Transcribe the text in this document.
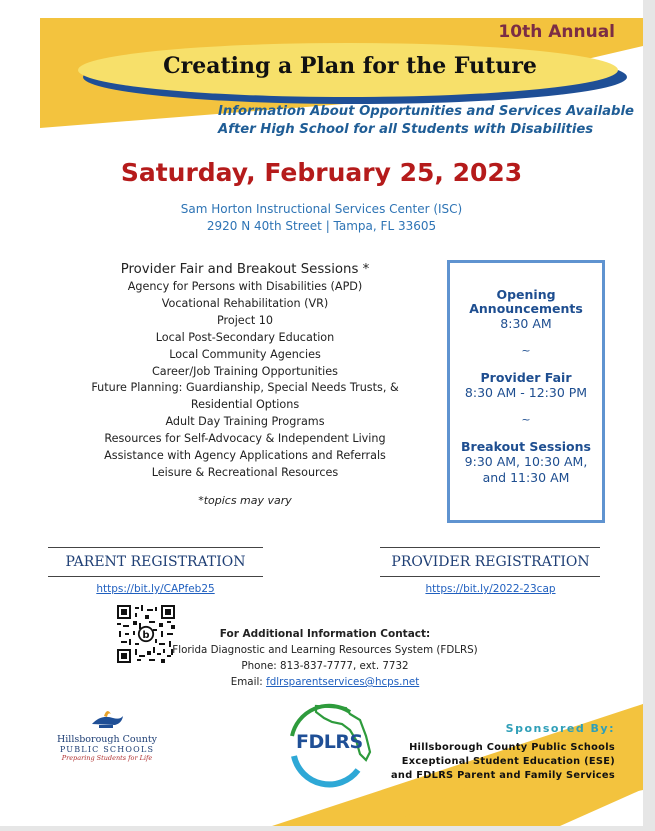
10th Annual
Creating a Plan for the Future
Information About Opportunities and Services Available
After High School for all Students with Disabilities
Saturday, February 25, 2023
Sam Horton Instructional Services Center (ISC)
2920 N 40th Street | Tampa, FL 33605
Provider Fair and Breakout Sessions *
Agency for Persons with Disabilities (APD)
Vocational Rehabilitation (VR)
Project 10
Local Post-Secondary Education
Local Community Agencies
Career/Job Training Opportunities
Future Planning: Guardianship, Special Needs Trusts, &
Residential Options
Adult Day Training Programs
Resources for Self-Advocacy & Independent Living
Assistance with Agency Applications and Referrals
Leisure & Recreational Resources
*topics may vary
Opening
Announcements
8:30 AM
~
Provider Fair
8:30 AM - 12:30 PM
~
Breakout Sessions
9:30 AM, 10:30 AM,
and 11:30 AM
PARENT REGISTRATION
https://bit.ly/CAPfeb25
PROVIDER REGISTRATION
https://bit.ly/2022-23cap
b	For Additional Information Contact:
Florida Diagnostic and Learning Resources System (FDLRS)
Phone: 813-837-7777, ext. 7732
Email: fdlrsparentservices@hcps.net
Sponsored By:
Hillsborough County Public Schools
Exceptional Student Education (ESE)
and FDLRS Parent and Family Services
Hillsborough County
PUBLIC SCHOOLS
Preparing Students for Life
FDLRS
